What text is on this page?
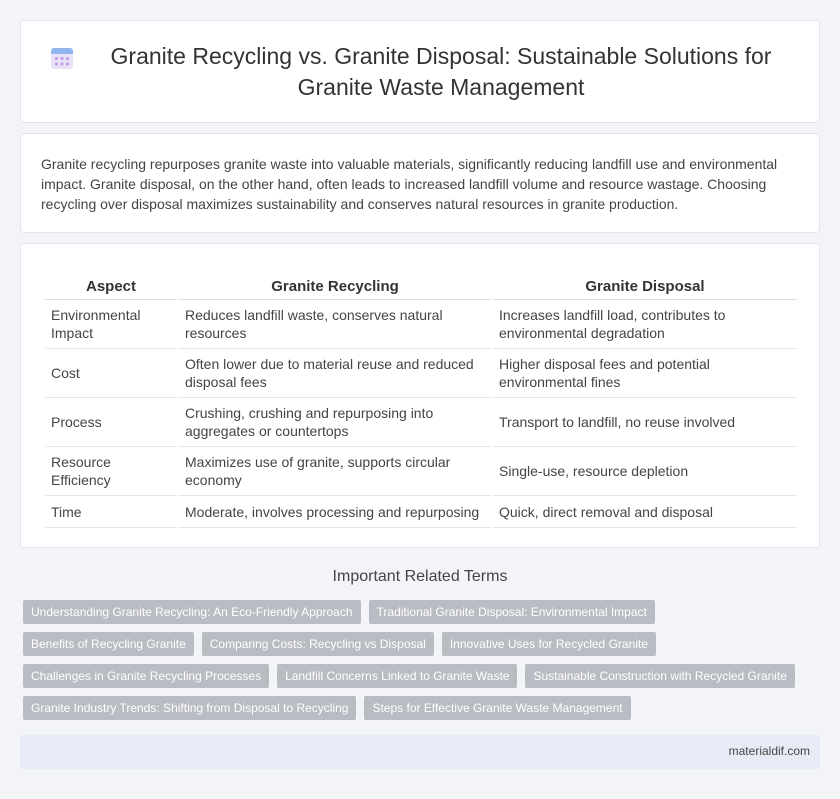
Granite Recycling vs. Granite Disposal: Sustainable Solutions for Granite Waste Management

Granite recycling repurposes granite waste into valuable materials, significantly reducing landfill use and environmental impact. Granite disposal, on the other hand, often leads to increased landfill volume and resource wastage. Choosing recycling over disposal maximizes sustainability and conserves natural resources in granite production.

Aspect	Granite Recycling	Granite Disposal
Environmental Impact	Reduces landfill waste, conserves natural resources	Increases landfill load, contributes to environmental degradation
Cost	Often lower due to material reuse and reduced disposal fees	Higher disposal fees and potential environmental fines
Process	Crushing, crushing and repurposing into aggregates or countertops	Transport to landfill, no reuse involved
Resource Efficiency	Maximizes use of granite, supports circular economy	Single-use, resource depletion
Time	Moderate, involves processing and repurposing	Quick, direct removal and disposal
Important Related Terms
Understanding Granite Recycling: An Eco-Friendly Approach	Traditional Granite Disposal: Environmental Impact
Benefits of Recycling Granite	Comparing Costs: Recycling vs Disposal	Innovative Uses for Recycled Granite
Challenges in Granite Recycling Processes	Landfill Concerns Linked to Granite Waste	Sustainable Construction with Recycled Granite
Granite Industry Trends: Shifting from Disposal to Recycling	Steps for Effective Granite Waste Management
materialdif.com
